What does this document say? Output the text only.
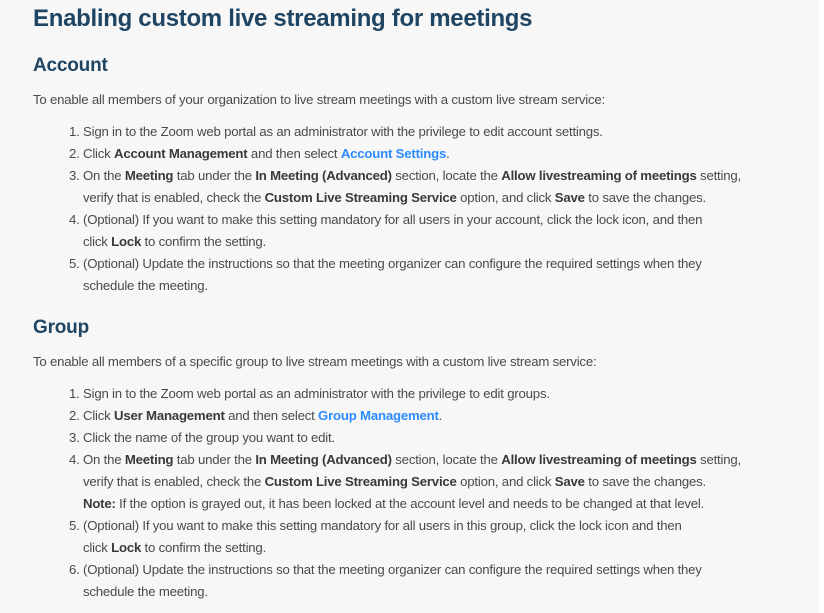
Enabling custom live streaming for meetings
Account

To enable all members of your organization to live stream meetings with a custom live stream service:

1. Sign in to the Zoom web portal as an administrator with the privilege to edit account settings.
2. Click Account Management and then select Account Settings.
3. On the Meeting tab under the In Meeting (Advanced) section, locate the Allow livestreaming of meetings setting,
verify that is enabled, check the Custom Live Streaming Service option, and click Save to save the changes.
4. (Optional) If you want to make this setting mandatory for all users in your account, click the lock icon, and then
click Lock to confirm the setting.
5. (Optional) Update the instructions so that the meeting organizer can configure the required settings when they
schedule the meeting.
Group

To enable all members of a specific group to live stream meetings with a custom live stream service:

1. Sign in to the Zoom web portal as an administrator with the privilege to edit groups.
2. Click User Management and then select Group Management.
3. Click the name of the group you want to edit.
4. On the Meeting tab under the In Meeting (Advanced) section, locate the Allow livestreaming of meetings setting,
verify that is enabled, check the Custom Live Streaming Service option, and click Save to save the changes.
Note: If the option is grayed out, it has been locked at the account level and needs to be changed at that level.
5. (Optional) If you want to make this setting mandatory for all users in this group, click the lock icon and then
click Lock to confirm the setting.
6. (Optional) Update the instructions so that the meeting organizer can configure the required settings when they
schedule the meeting.
